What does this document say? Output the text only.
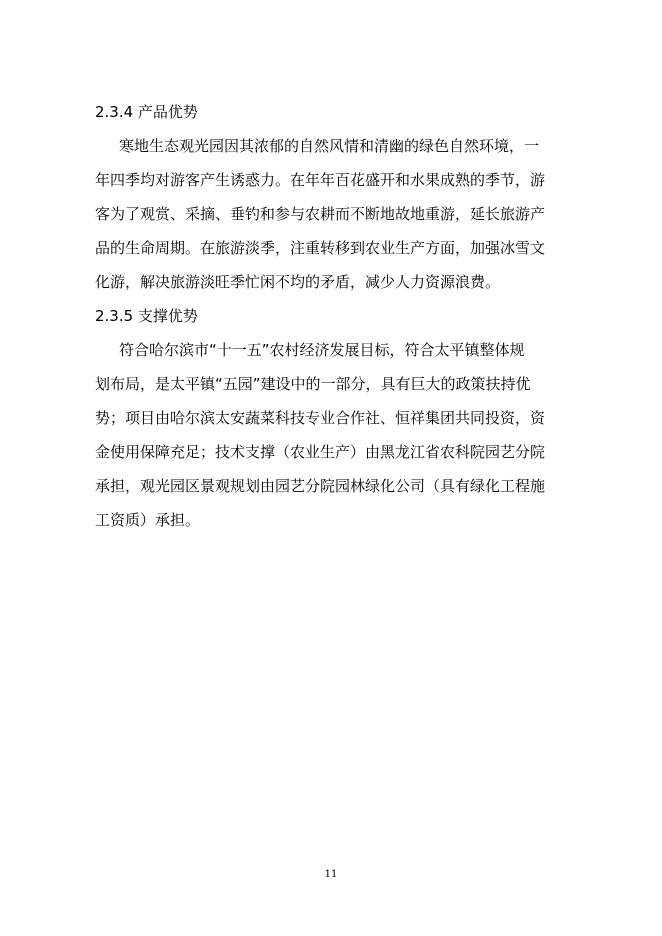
2.3.4 产品优势
寒地生态观光园因其浓郁的自然风情和清幽的绿色自然环境，一
年四季均对游客产生诱惑力。在年年百花盛开和水果成熟的季节，游
客为了观赏、采摘、垂钓和参与农耕而不断地故地重游，延长旅游产
品的生命周期。在旅游淡季，注重转移到农业生产方面，加强冰雪文
化游，解决旅游淡旺季忙闲不均的矛盾，减少人力资源浪费。
2.3.5 支撑优势
符合哈尔滨市“十一五”农村经济发展目标，符合太平镇整体规
划布局，是太平镇“五园”建设中的一部分，具有巨大的政策扶持优
势；项目由哈尔滨太安蔬菜科技专业合作社、恒祥集团共同投资，资
金使用保障充足；技术支撑（农业生产）由黑龙江省农科院园艺分院
承担，观光园区景观规划由园艺分院园林绿化公司（具有绿化工程施
工资质）承担。
11
